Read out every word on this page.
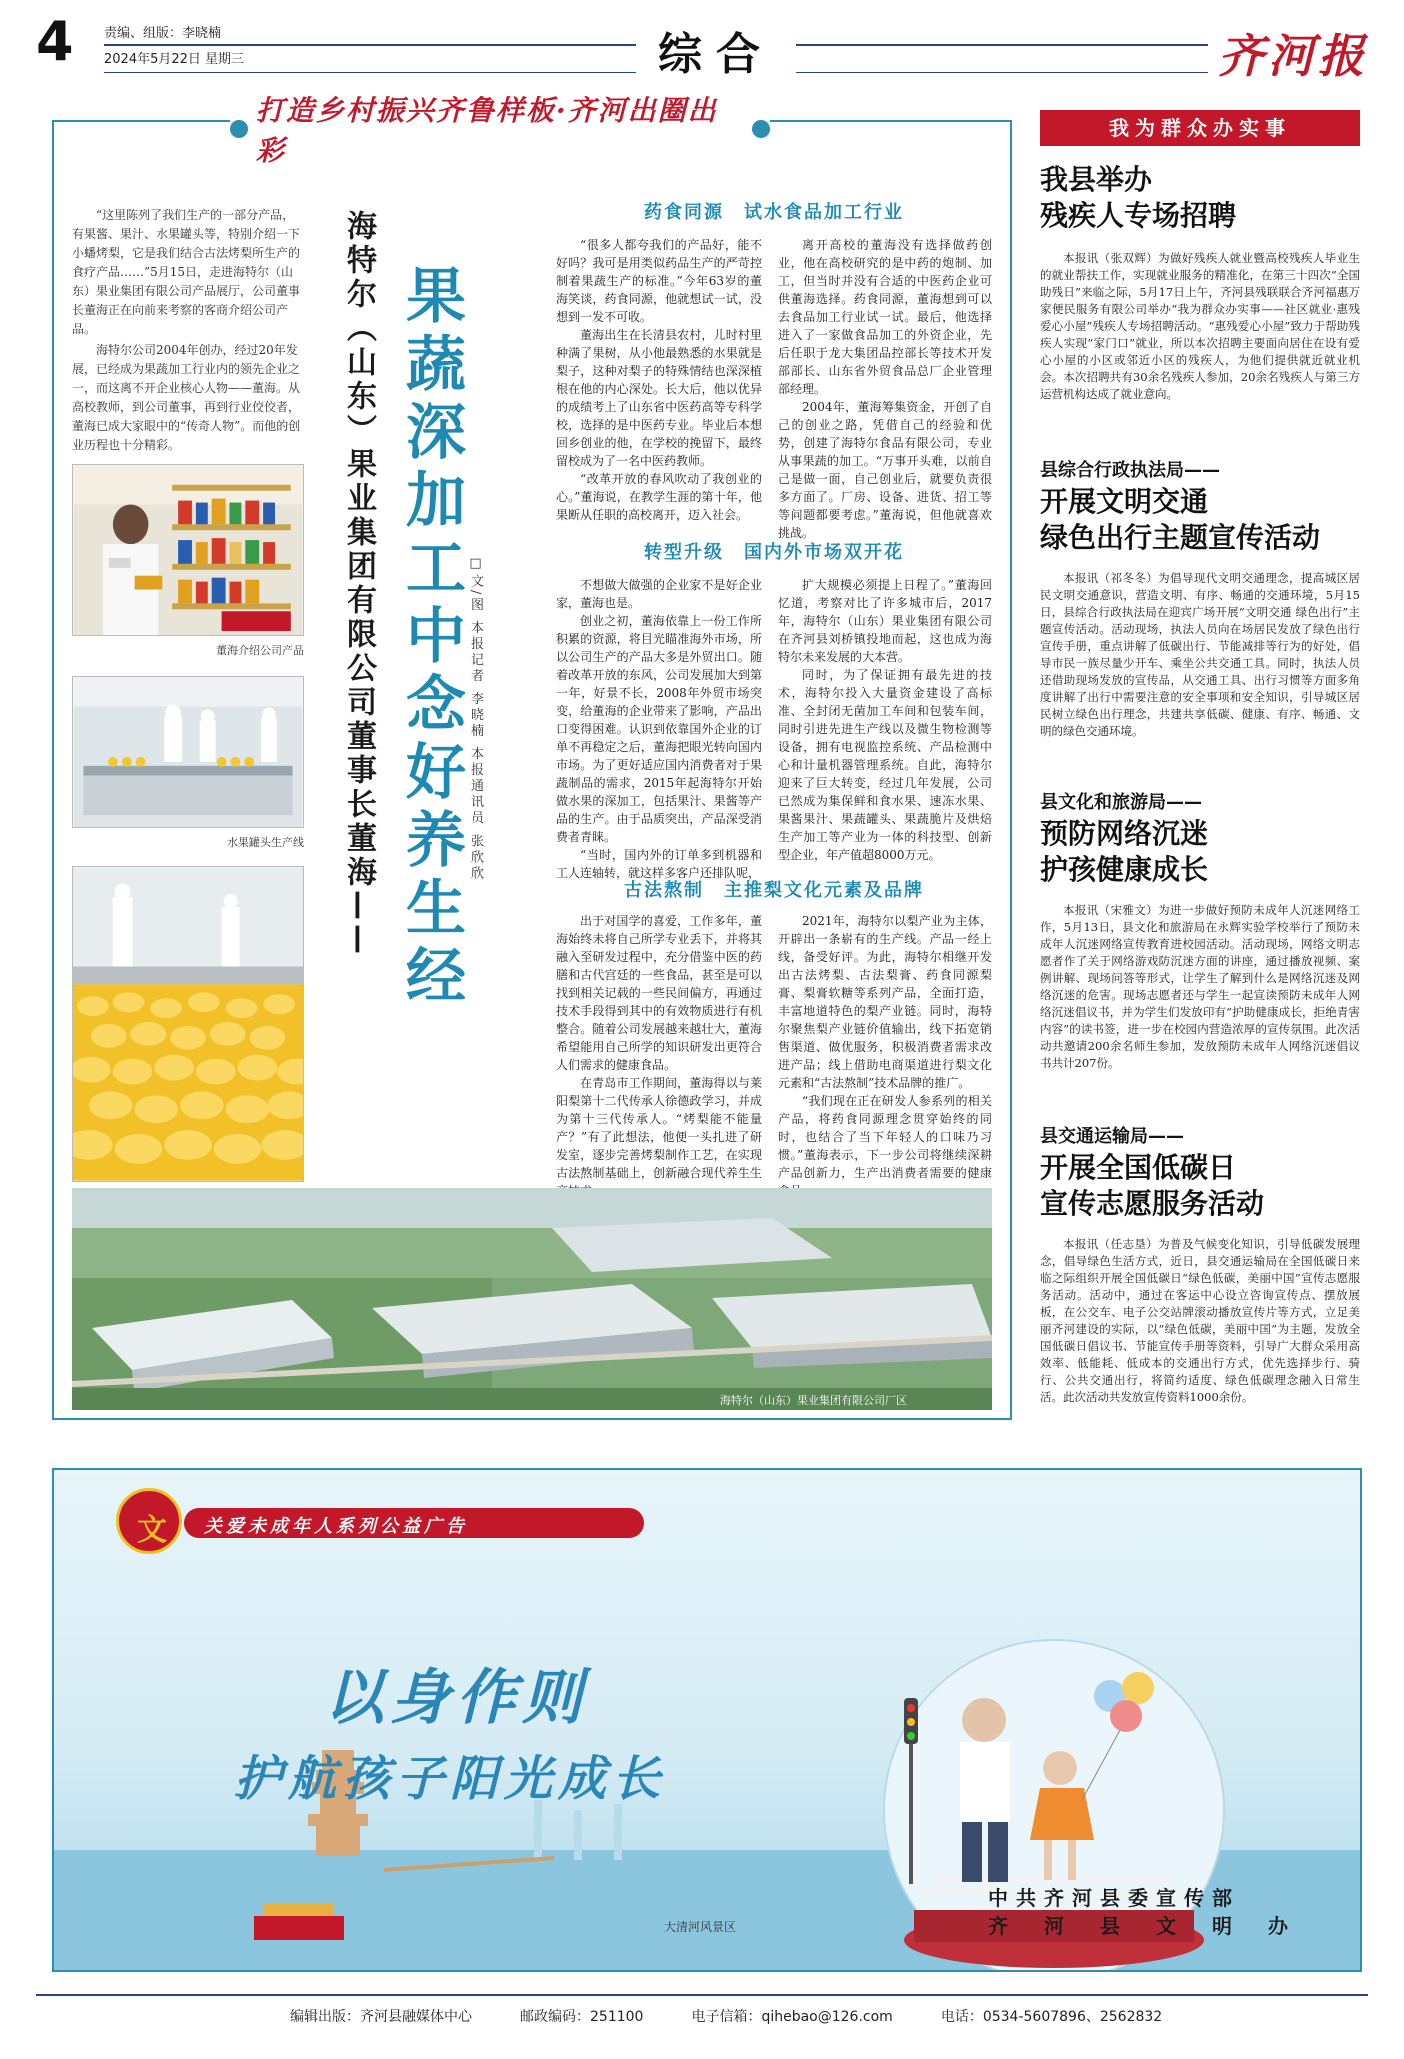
4 责编、组版：李晓楠
2024年5月22日 星期三	综合	齐河报
打造乡村振兴齐鲁样板·齐河出圈出彩

“这里陈列了我们生产的一部分产品，有果酱、果汁、水果罐头等，特别介绍一下小蟠烤梨，它是我们结合古法烤梨所生产的食疗产品……”5月15日，走进海特尔（山东）果业集团有限公司产品展厅，公司董事长董海正在向前来考察的客商介绍公司产品。

海特尔公司2004年创办，经过20年发展，已经成为果蔬加工行业内的领先企业之一，而这离不开企业核心人物——董海。从高校教师，到公司董事，再到行业佼佼者，董海已成大家眼中的“传奇人物”。而他的创业历程也十分精彩。

董海介绍公司产品
水果罐头生产线 海特尔（山东）果业集团有限公司董事长董海—— 果蔬深加工中念好养生经 □文/图 本报记者 李晓楠 本报通讯员 张欣欣
药食同源　试水食品加工行业

“很多人都夸我们的产品好，能不好吗？我可是用类似药品生产的严苛控制着果蔬生产的标准。”今年63岁的董海笑谈，药食同源，他就想试一试，没想到一发不可收。

董海出生在长清县农村，儿时村里种满了果树，从小他最熟悉的水果就是梨子，这种对梨子的特殊情结也深深植根在他的内心深处。长大后，他以优异的成绩考上了山东省中医药高等专科学校，选择的是中医药专业。毕业后本想回乡创业的他，在学校的挽留下，最终留校成为了一名中医药教师。

“改革开放的春风吹动了我创业的心。”董海说，在教学生涯的第十年，他果断从任职的高校离开，迈入社会。

离开高校的董海没有选择做药创业，他在高校研究的是中药的炮制、加工，但当时并没有合适的中医药企业可供董海选择。药食同源，董海想到可以去食品加工行业试一试。最后，他选择进入了一家做食品加工的外资企业，先后任职于龙大集团品控部长等技术开发部部长、山东省外贸食品总厂企业管理部经理。

2004年，董海筹集资金，开创了自己的创业之路，凭借自己的经验和优势，创建了海特尔食品有限公司，专业从事果蔬的加工。“万事开头难，以前自己是做一面，自己创业后，就要负责很多方面了。厂房、设备、进货、招工等等问题都要考虑。”董海说，但他就喜欢挑战。

转型升级　国内外市场双开花

不想做大做强的企业家不是好企业家，董海也是。

创业之初，董海依靠上一份工作所积累的资源，将目光瞄准海外市场，所以公司生产的产品大多是外贸出口。随着改革开放的东风，公司发展加大到第一年，好景不长，2008年外贸市场突变，给董海的企业带来了影响，产品出口变得困难。认识到依靠国外企业的订单不再稳定之后，董海把眼光转向国内市场。为了更好适应国内消费者对于果蔬制品的需求，2015年起海特尔开始做水果的深加工，包括果汁、果酱等产品的生产。由于品质突出，产品深受消费者青睐。

“当时，国内外的订单多到机器和工人连轴转，就这样多客户还排队呢，

扩大规模必须提上日程了。”董海回忆道，考察对比了许多城市后，2017年，海特尔（山东）果业集团有限公司在齐河县刘桥镇投地而起，这也成为海特尔未来发展的大本营。

同时，为了保证拥有最先进的技术，海特尔投入大量资金建设了高标准、全封闭无菌加工车间和包装车间，同时引进先进生产线以及微生物检测等设备，拥有电视监控系统、产品检测中心和计量机器管理系统。自此，海特尔迎来了巨大转变，经过几年发展，公司已然成为集保鲜和食水果、速冻水果、果酱果汁、果蔬罐头、果蔬脆片及烘焙生产加工等产业为一体的科技型、创新型企业，年产值超8000万元。

古法熬制　主推梨文化元素及品牌

出于对国学的喜爱，工作多年，董海始终未将自己所学专业丢下，并将其融入至研发过程中，充分借鉴中医的药膳和古代宫廷的一些食品，甚至是可以找到相关记载的一些民间偏方，再通过技术手段得到其中的有效物质进行有机整合。随着公司发展越来越壮大，董海希望能用自己所学的知识研发出更符合人们需求的健康食品。

在青岛市工作期间，董海得以与莱阳梨第十二代传承人徐德政学习，并成为第十三代传承人。“烤梨能不能量产？”有了此想法，他便一头扎进了研发室，逐步完善烤梨制作工艺，在实现古法熬制基础上，创新融合现代养生生

2021年，海特尔以梨产业为主体，开辟出一条崭有的生产线。产品一经上线，备受好评。为此，海特尔相继开发出古法烤梨、古法梨膏、药食同源梨膏、梨膏软糖等系列产品，全面打造，丰富地道特色的梨产业链。同时，海特尔聚焦梨产业链价值输出，线下拓宽销售渠道、做优服务，积极消费者需求改进产品；线上借助电商渠道进行梨文化元素和“古法熬制”技术品牌的推广。

“我们现在正在研发人参系列的相关产品，将药食同源理念贯穿始终的同时，也结合了当下年轻人的口味乃习惯。”董海表示，下一步公司将继续深耕产品创新力，生产出消费者需要的健康

海特尔（山东）果业集团有限公司厂区
我为群众办实事
我县举办
残疾人专场招聘

本报讯（张双辉）为做好残疾人就业暨高校残疾人毕业生的就业帮扶工作，实现就业服务的精准化，在第三十四次“全国助残日”来临之际，5月17日上午，齐河县残联联合齐河福惠万家便民服务有限公司举办“我为群众办实事——社区就业·惠残爱心小屋”残疾人专场招聘活动。“惠残爱心小屋”致力于帮助残疾人实现“家门口”就业，所以本次招聘主要面向居住在设有爱心小屋的小区或邻近小区的残疾人，为他们提供就近就业机会。本次招聘共有30余名残疾人参加，20余名残疾人与第三方运营机构达成了就业意向。

县综合行政执法局——
开展文明交通
绿色出行主题宣传活动

本报讯（祁冬冬）为倡导现代文明交通理念，提高城区居民文明交通意识，营造文明、有序、畅通的交通环境，5月15日，县综合行政执法局在迎宾广场开展“文明交通 绿色出行”主题宣传活动。活动现场，执法人员向在场居民发放了绿色出行宣传手册，重点讲解了低碳出行、节能减排等行为的好处，倡导市民一族尽量少开车、乘坐公共交通工具。同时，执法人员还借助现场发放的宣传品，从交通工具、出行习惯等方面多角度讲解了出行中需要注意的安全事项和安全知识，引导城区居民树立绿色出行理念，共建共享低碳、健康、有序、畅通、文明的绿色交通环境。

县文化和旅游局——
预防网络沉迷
护孩健康成长

本报讯（宋雅文）为进一步做好预防未成年人沉迷网络工作，5月13日，县文化和旅游局在永辉实验学校举行了预防未成年人沉迷网络宣传教育进校园活动。活动现场，网络文明志愿者作了关于网络游戏防沉迷方面的讲座，通过播放视频、案例讲解、现场问答等形式，让学生了解到什么是网络沉迷及网络沉迷的危害。现场志愿者还与学生一起宣读预防未成年人网络沉迷倡议书，并为学生们发放印有“护助健康成长，拒绝青害内容”的读书签，进一步在校园内营造浓厚的宣传氛围。此次活动共邀请200余名师生参加，发放预防未成年人网络沉迷倡议书共计207份。

县交通运输局——
开展全国低碳日
宣传志愿服务活动

本报讯（任志垦）为普及气候变化知识，引导低碳发展理念，倡导绿色生活方式，近日，县交通运输局在全国低碳日来临之际组织开展全国低碳日“绿色低碳，美丽中国”宣传志愿服务活动。活动中，通过在客运中心设立咨询宣传点、摆放展板，在公交车、电子公交站牌滚动播放宣传片等方式，立足美丽齐河建设的实际，以“绿色低碳，美丽中国”为主题，发放全国低碳日倡议书、节能宣传手册等资料，引导广大群众采用高效率、低能耗、低成本的交通出行方式，优先选择步行、骑行、公共交通出行，将简约适度、绿色低碳理念融入日常生活。此次活动共发放宣传资料1000余份。

文 关爱未成年人系列公益广告
以身作则
护航孩子阳光成长
大清河风景区
中共齐河县委宣传部
齐　河　县　文　明　办
编辑出版：齐河县融媒体中心	邮政编码：251100	电子信箱：qihebao@126.com	电话：0534-5607896、2562832
